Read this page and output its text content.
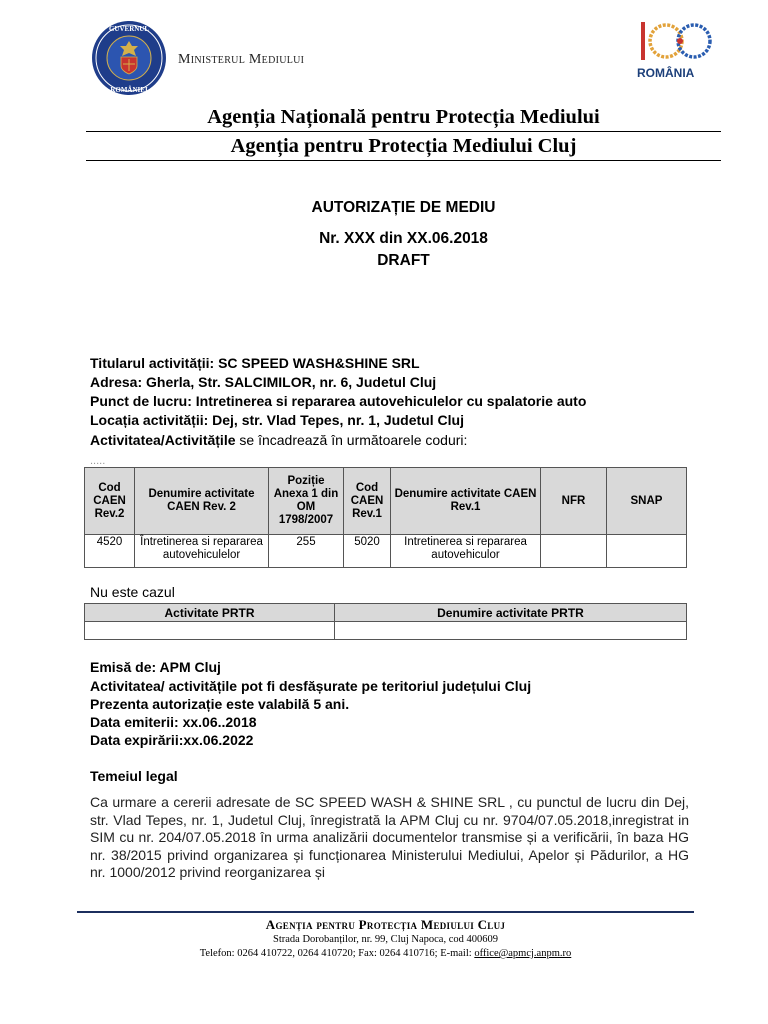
GUVERNUL
ROMÂNIEI
Ministerul Mediului
ROMÂNIA
Agenția Națională pentru Protecția Mediului
Agenția pentru Protecția Mediului Cluj
AUTORIZAȚIE DE MEDIU
Nr. XXX din XX.06.2018
DRAFT
Titularul activității: SC SPEED WASH&SHINE SRL
Adresa: Gherla, Str. SALCIMILOR, nr. 6, Judetul Cluj
Punct de lucru: Intretinerea si repararea autovehiculelor cu spalatorie auto
Locația activității: Dej, str. Vlad Tepes, nr. 1, Judetul Cluj
Activitatea/Activitățile se încadrează în următoarele coduri:
.....
Cod CAEN Rev.2	Denumire activitate CAEN Rev. 2	Poziție Anexa 1 din OM 1798/2007	Cod CAEN Rev.1	Denumire activitate CAEN Rev.1	NFR	SNAP
4520	Întretinerea si repararea autovehiculelor	255	5020	Intretinerea si repararea autovehiculor		
Nu este cazul
Activitate PRTR	Denumire activitate PRTR

Emisă de: APM Cluj
Activitatea/ activitățile pot fi desfășurate pe teritoriul județului Cluj
Prezenta autorizație este valabilă 5 ani.
Data emiterii: xx.06..2018
Data expirării:xx.06.2022
Temeiul legal
Ca urmare a cererii adresate de SC SPEED WASH & SHINE SRL , cu punctul de lucru din Dej, str. Vlad Tepes, nr. 1, Judetul Cluj, înregistrată la APM Cluj cu nr. 9704/07.05.2018,inregistrat in SIM cu nr. 204/07.05.2018 în urma analizării documentelor transmise și a verificării, în baza HG nr. 38/2015 privind organizarea și funcționarea Ministerului Mediului, Apelor și Pădurilor, a HG nr. 1000/2012 privind reorganizarea și
Agenția pentru Protecția Mediului Cluj
Strada Dorobanților, nr. 99, Cluj Napoca, cod 400609
Telefon: 0264 410722, 0264 410720; Fax: 0264 410716; E-mail: office@apmcj.anpm.ro
